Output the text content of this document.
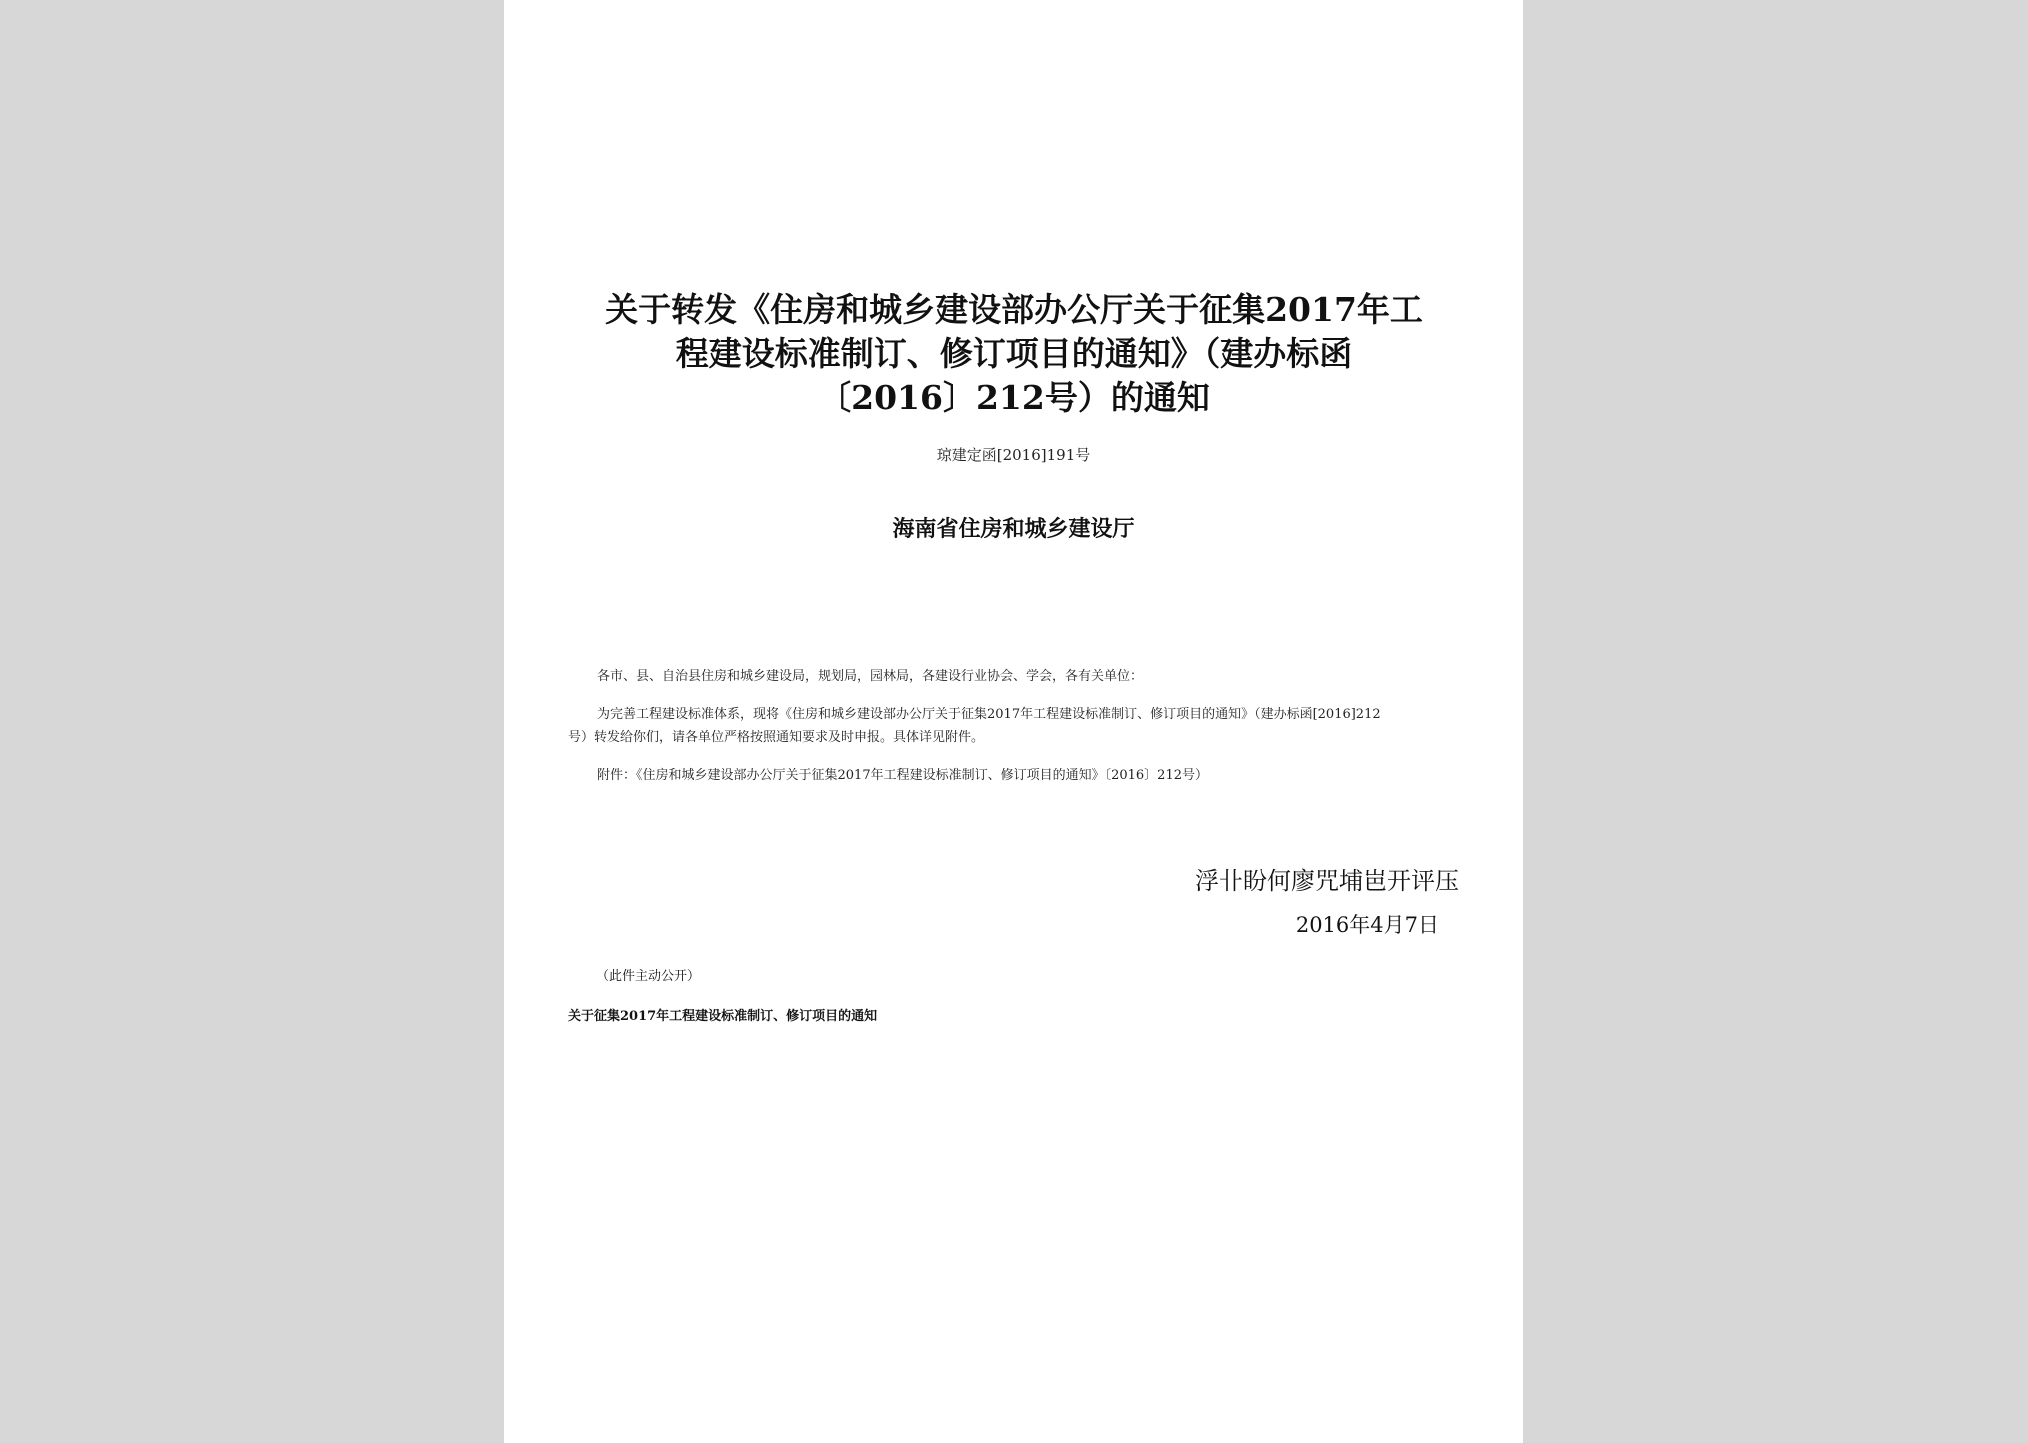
关于转发《住房和城乡建设部办公厅关于征集2017年工
程建设标准制订、修订项目的通知》（建办标函
〔2016〕212号）的通知
琼建定函[2016]191号
海南省住房和城乡建设厅
各市、县、自治县住房和城乡建设局，规划局，园林局，各建设行业协会、学会，各有关单位：
为完善工程建设标准体系，现将《住房和城乡建设部办公厅关于征集2017年工程建设标准制订、修订项目的通知》（建办标函[2016]212
号）转发给你们，请各单位严格按照通知要求及时申报。具体详见附件。
附件：《住房和城乡建设部办公厅关于征集2017年工程建设标准制订、修订项目的通知》〔2016〕212号）
浮卝盼何廖咒埔岜开评压
2016年4月7日
（此件主动公开）
关于征集2017年工程建设标准制订、修订项目的通知
